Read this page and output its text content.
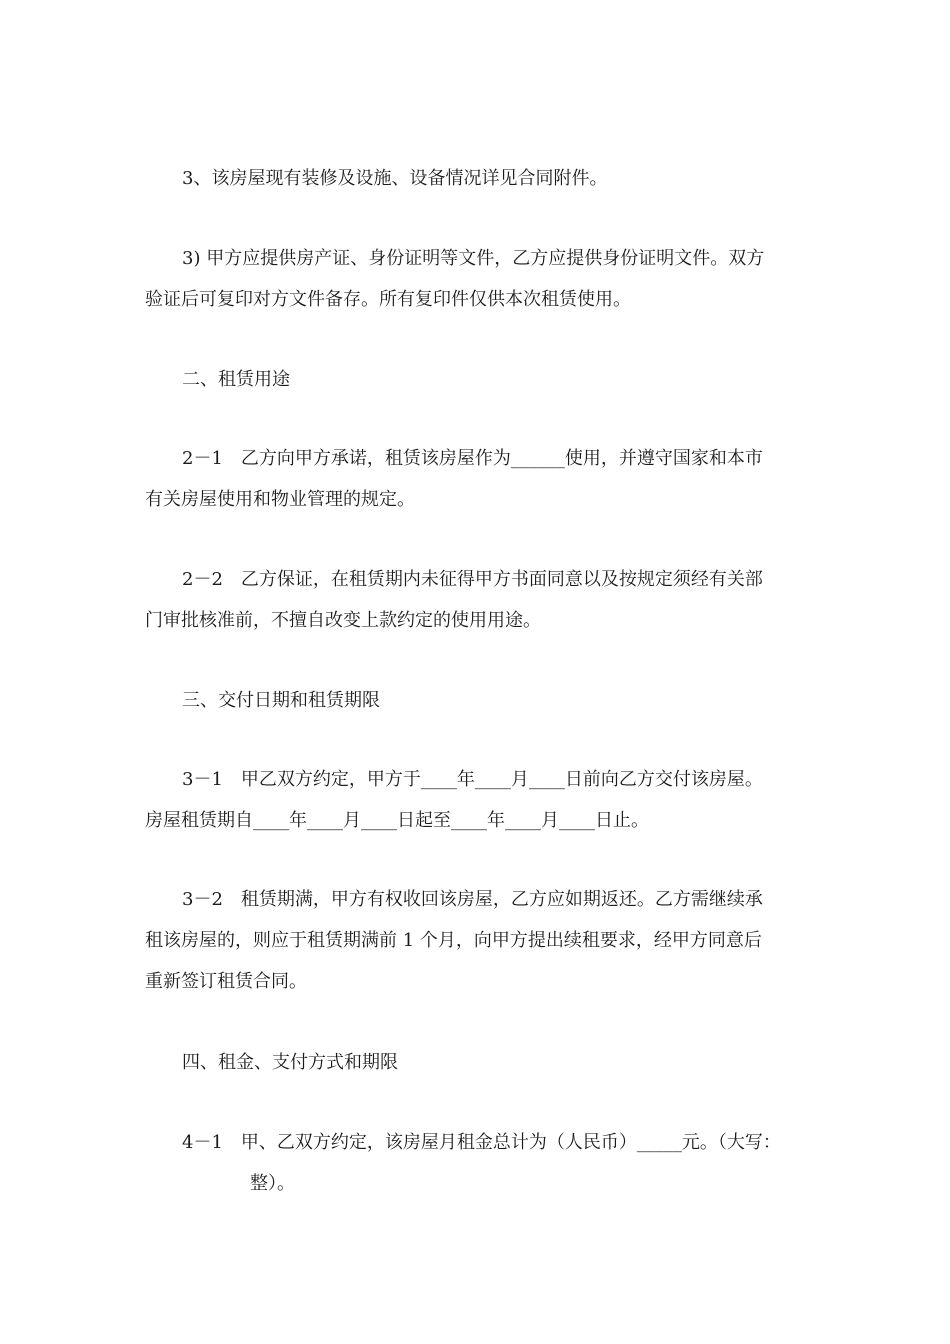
3、该房屋现有装修及设施、设备情况详见合同附件。

3) 甲方应提供房产证、身份证明等文件，乙方应提供身份证明文件。双方
验证后可复印对方文件备存。所有复印件仅供本次租赁使用。

二、租赁用途

2－1　乙方向甲方承诺，租赁该房屋作为______使用，并遵守国家和本市
有关房屋使用和物业管理的规定。

2－2　乙方保证，在租赁期内未征得甲方书面同意以及按规定须经有关部
门审批核准前，不擅自改变上款约定的使用用途。

三、交付日期和租赁期限

3－1　甲乙双方约定，甲方于____年____月____日前向乙方交付该房屋。
房屋租赁期自____年____月____日起至____年____月____日止。

3－2　租赁期满，甲方有权收回该房屋，乙方应如期返还。乙方需继续承
租该房屋的，则应于租赁期满前 1 个月，向甲方提出续租要求，经甲方同意后
重新签订租赁合同。

四、租金、支付方式和期限

4－1　甲、乙双方约定，该房屋月租金总计为（人民币）_____元。（大写：
整）。
